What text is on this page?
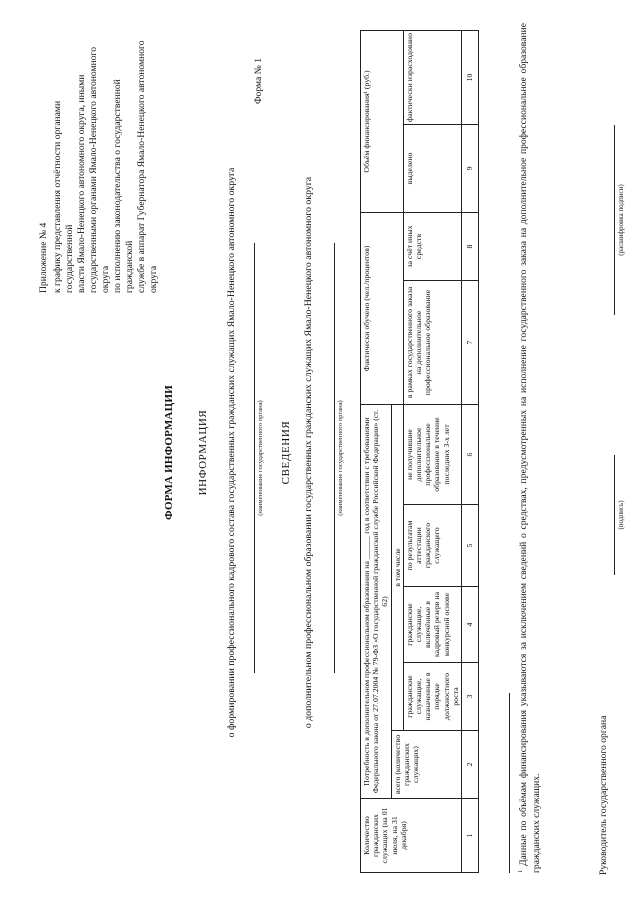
Приложение № 4 к графику представления отчётности органами государственной власти Ямало-Ненецкого автономного округа, иными государственными органами Ямало-Ненецкого автономного округа по исполнению законодательства о государственной гражданской службе в аппарат Губернатора Ямало-Ненецкого автономного округа
ФОРМА ИНФОРМАЦИИ ИНФОРМАЦИЯ о формировании профессионального кадрового состава государственных гражданских служащих Ямало-Ненецкого автономного округа	(наименование государственного органа)
Форма № 1
СВЕДЕНИЯ о дополнительном профессиональном образовании государственных гражданских служащих Ямало-Ненецкого автономного округа	(наименование государственного органа)
Количество гражданских служащих (на 01 июля, на 31 декабря)	Потребность в дополнительном профессиональном образовании на ______ год в соответствии с требованиями Федерального закона от 27.07.2004 № 79-ФЗ «О государственной гражданской службе Российской Федерации» (ст. 62)					Фактически обучено (чел./процентов)		Объём финансирования¹ (руб.)	
	всего (количество гражданских служащих)	в том числе							
		гражданские служащие, назначенные в порядке должностного роста	гражданские служащие, включённые в кадровый резерв на конкурсной основе	по результатам аттестации гражданского служащего	не получившие дополнительное профессиональное образование в течение последних 3-х лет	в рамках государственного заказа на дополнительное профессиональное образование	за счёт иных средств	выделено	фактически израсходовано
1	2	3	4	5	6	7	8	9	10
$^1$ Данные по объёмам финансирования указываются за исключением сведений о средствах, предусмотренных на исполнение государственного заказа на дополнительное профессиональное образование гражданских служащих.	Руководитель государственного органа
(подпись)
(расшифровка подписи)
